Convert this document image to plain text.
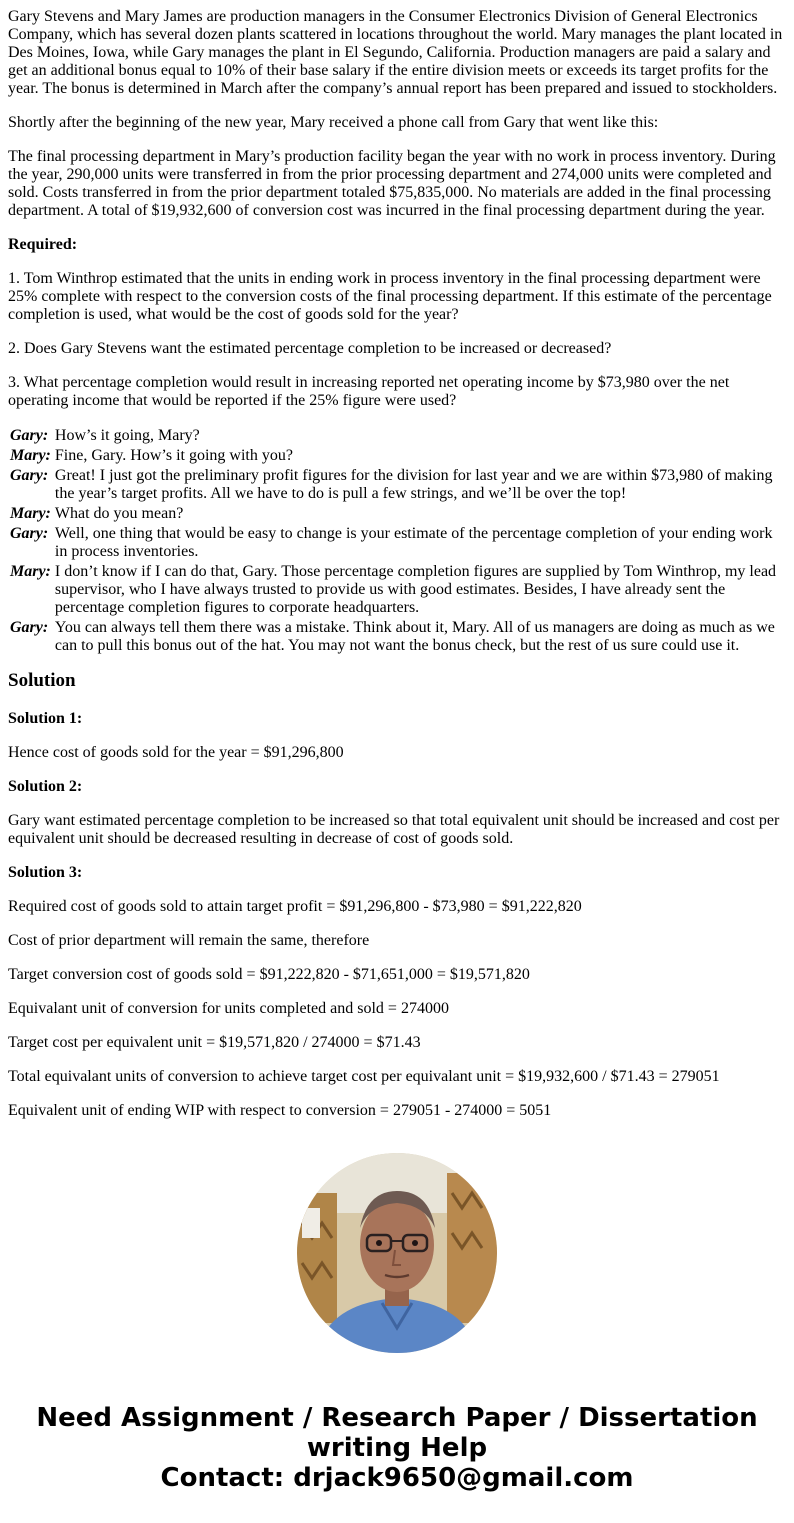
Gary Stevens and Mary James are production managers in the Consumer Electronics Division of General Electronics Company, which has several dozen plants scattered in locations throughout the world. Mary manages the plant located in Des Moines, Iowa, while Gary manages the plant in El Segundo, California. Production managers are paid a salary and get an additional bonus equal to 10% of their base salary if the entire division meets or exceeds its target profits for the year. The bonus is determined in March after the company’s annual report has been prepared and issued to stockholders.

Shortly after the beginning of the new year, Mary received a phone call from Gary that went like this:

The final processing department in Mary’s production facility began the year with no work in process inventory. During the year, 290,000 units were transferred in from the prior processing department and 274,000 units were completed and sold. Costs transferred in from the prior department totaled $75,835,000. No materials are added in the final processing department. A total of $19,932,600 of conversion cost was incurred in the final processing department during the year.

Required:

1. Tom Winthrop estimated that the units in ending work in process inventory in the final processing department were 25% complete with respect to the conversion costs of the final processing department. If this estimate of the percentage completion is used, what would be the cost of goods sold for the year?

2. Does Gary Stevens want the estimated percentage completion to be increased or decreased?

3. What percentage completion would result in increasing reported net operating income by $73,980 over the net operating income that would be reported if the 25% figure were used?

Gary:	How’s it going, Mary?
Mary:	Fine, Gary. How’s it going with you?
Gary:	Great! I just got the preliminary profit figures for the division for last year and we are within $73,980 of making the year’s target profits. All we have to do is pull a few strings, and we’ll be over the top!
Mary:	What do you mean?
Gary:	Well, one thing that would be easy to change is your estimate of the percentage completion of your ending work in process inventories.
Mary:	I don’t know if I can do that, Gary. Those percentage completion figures are supplied by Tom Winthrop, my lead supervisor, who I have always trusted to provide us with good estimates. Besides, I have already sent the percentage completion figures to corporate headquarters.
Gary:	You can always tell them there was a mistake. Think about it, Mary. All of us managers are doing as much as we can to pull this bonus out of the hat. You may not want the bonus check, but the rest of us sure could use it.
Solution

Solution 1:

Hence cost of goods sold for the year = $91,296,800

Solution 2:

Gary want estimated percentage completion to be increased so that total equivalent unit should be increased and cost per equivalent unit should be decreased resulting in decrease of cost of goods sold.

Solution 3:

Required cost of goods sold to attain target profit = $91,296,800 - $73,980 = $91,222,820

Cost of prior department will remain the same, therefore

Target conversion cost of goods sold = $91,222,820 - $71,651,000 = $19,571,820

Equivalant unit of conversion for units completed and sold = 274000

Target cost per equivalent unit = $19,571,820 / 274000 = $71.43

Total equivalant units of conversion to achieve target cost per equivalant unit = $19,932,600 / $71.43 = 279051

Equivalent unit of ending WIP with respect to conversion = 279051 - 274000 = 5051

Need Assignment / Research Paper / Dissertation
writing Help
Contact: drjack9650@gmail.com
